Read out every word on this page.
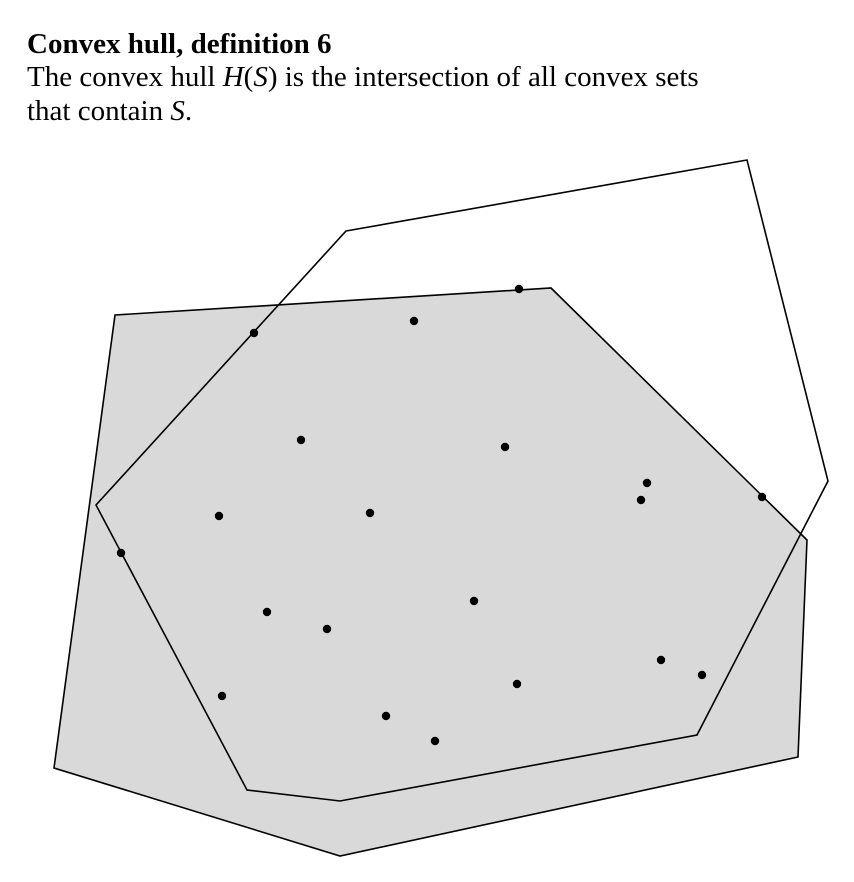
Convex hull, definition 6

The convex hull H(S) is the intersection of all convex sets
that contain S.
